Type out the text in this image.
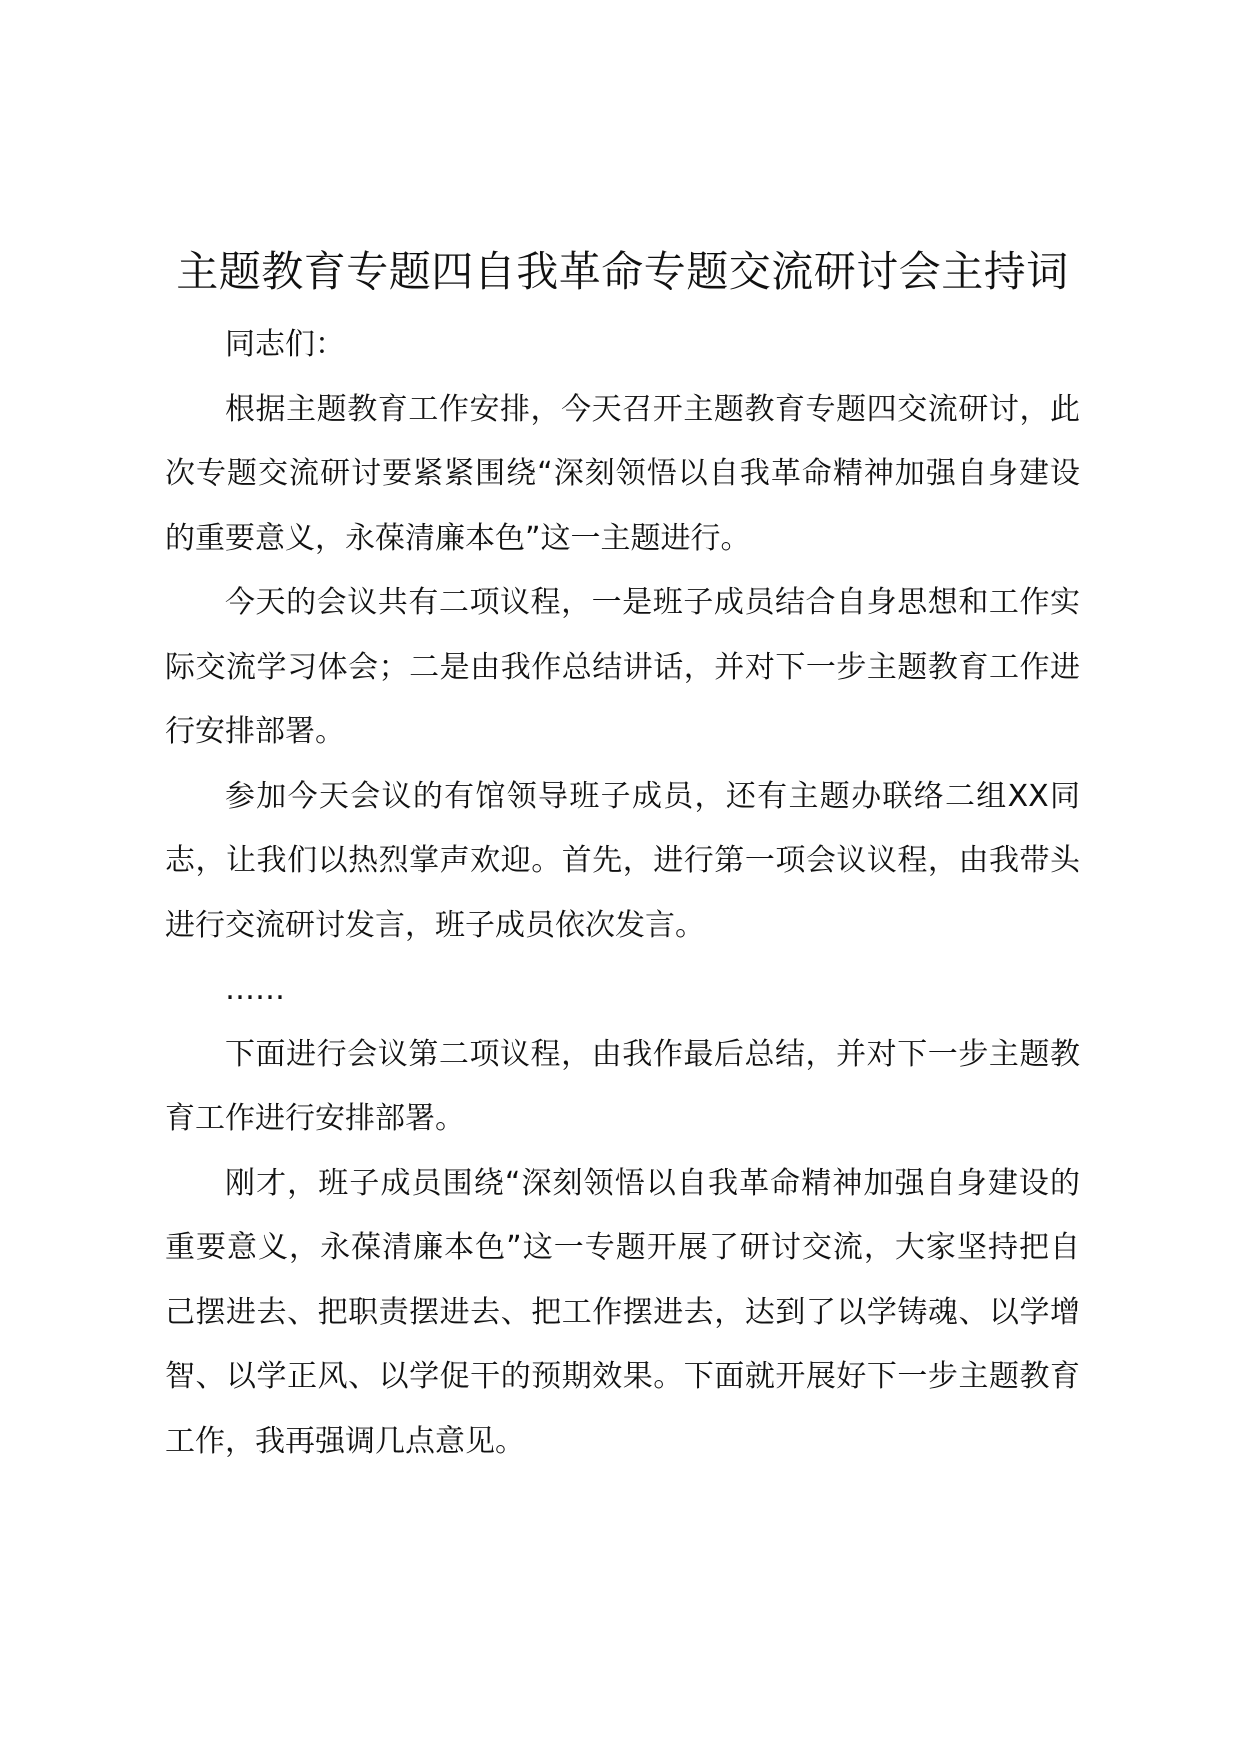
主题教育专题四自我革命专题交流研讨会主持词

同志们：

根据主题教育工作安排，今天召开主题教育专题四交流研讨，此次专题交流研讨要紧紧围绕“深刻领悟以自我革命精神加强自身建设的重要意义，永葆清廉本色”这一主题进行。

今天的会议共有二项议程，一是班子成员结合自身思想和工作实际交流学习体会；二是由我作总结讲话，并对下一步主题教育工作进行安排部署。

参加今天会议的有馆领导班子成员，还有主题办联络二组XX同志，让我们以热烈掌声欢迎。首先，进行第一项会议议程，由我带头进行交流研讨发言，班子成员依次发言。

……

下面进行会议第二项议程，由我作最后总结，并对下一步主题教育工作进行安排部署。

刚才，班子成员围绕“深刻领悟以自我革命精神加强自身建设的重要意义，永葆清廉本色”这一专题开展了研讨交流，大家坚持把自己摆进去、把职责摆进去、把工作摆进去，达到了以学铸魂、以学增智、以学正风、以学促干的预期效果。下面就开展好下一步主题教育工作，我再强调几点意见。
